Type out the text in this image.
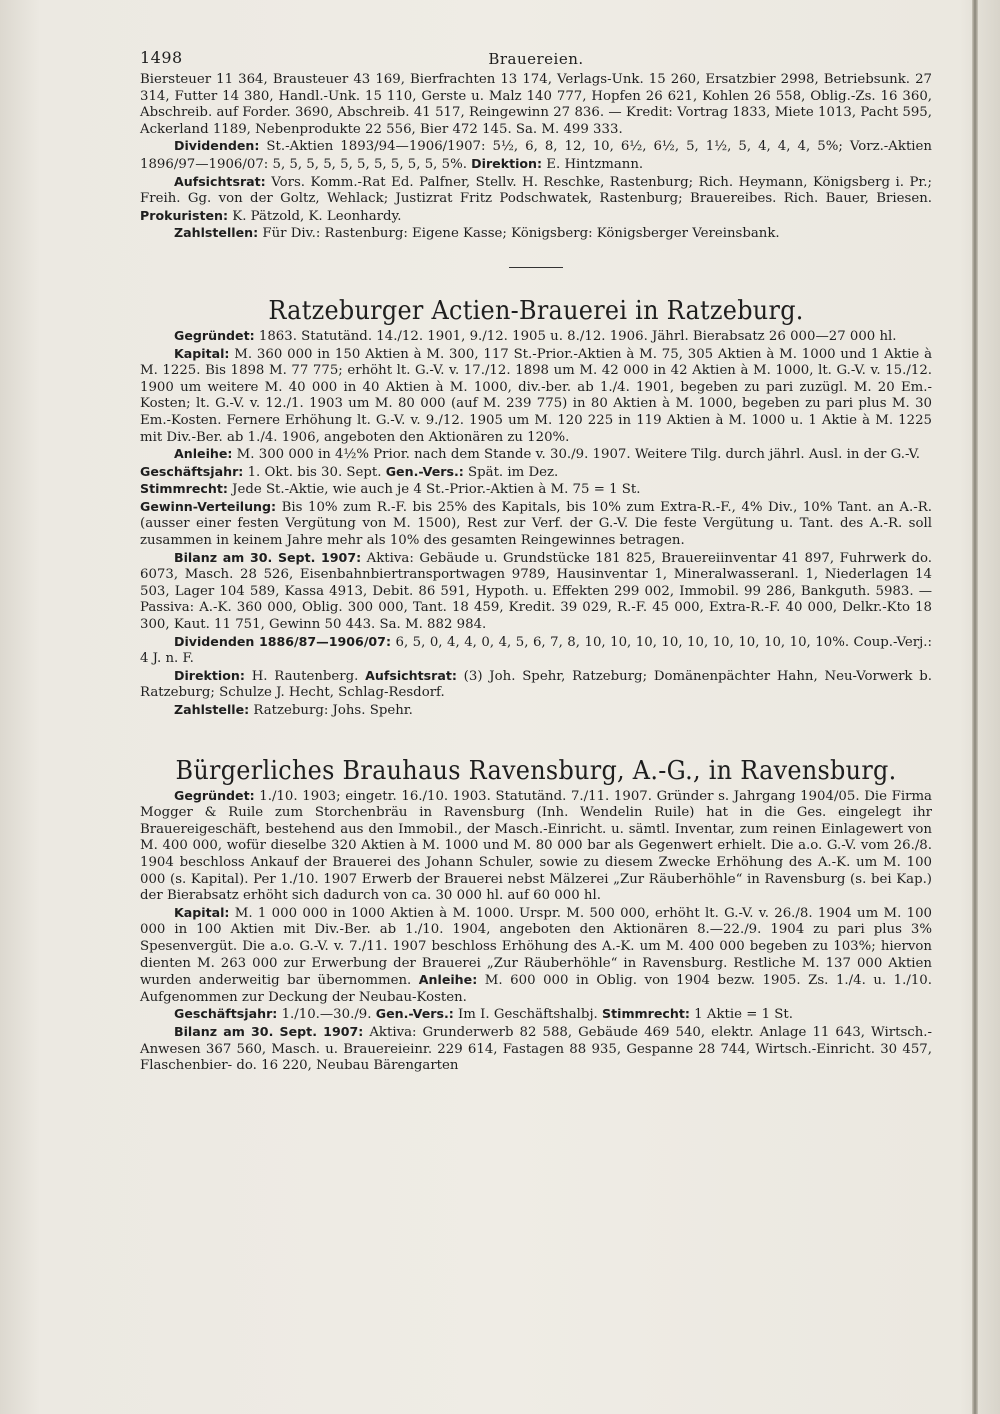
1498	Brauereien.

Biersteuer 11 364, Brausteuer 43 169, Bierfrachten 13 174, Verlags-Unk. 15 260, Ersatzbier 2998, Betriebsunk. 27 314, Futter 14 380, Handl.-Unk. 15 110, Gerste u. Malz 140 777, Hopfen 26 621, Kohlen 26 558, Oblig.-Zs. 16 360, Abschreib. auf Forder. 3690, Abschreib. 41 517, Reingewinn 27 836. — Kredit: Vortrag 1833, Miete 1013, Pacht 595, Ackerland 1189, Nebenprodukte 22 556, Bier 472 145. Sa. M. 499 333.

Dividenden: St.-Aktien 1893/94—1906/1907: 5½, 6, 8, 12, 10, 6½, 6½, 5, 1½, 5, 4, 4, 4, 5%; Vorz.-Aktien 1896/97—1906/07: 5, 5, 5, 5, 5, 5, 5, 5, 5, 5, 5%. Direktion: E. Hintzmann.

Aufsichtsrat: Vors. Komm.-Rat Ed. Palfner, Stellv. H. Reschke, Rastenburg; Rich. Heymann, Königsberg i. Pr.; Freih. Gg. von der Goltz, Wehlack; Justizrat Fritz Podschwatek, Rastenburg; Brauereibes. Rich. Bauer, Briesen. Prokuristen: K. Pätzold, K. Leonhardy.

Zahlstellen: Für Div.: Rastenburg: Eigene Kasse; Königsberg: Königsberger Vereinsbank.

Ratzeburger Actien-Brauerei in Ratzeburg.

Gegründet: 1863. Statutänd. 14./12. 1901, 9./12. 1905 u. 8./12. 1906. Jährl. Bierabsatz 26 000—27 000 hl.

Kapital: M. 360 000 in 150 Aktien à M. 300, 117 St.-Prior.-Aktien à M. 75, 305 Aktien à M. 1000 und 1 Aktie à M. 1225. Bis 1898 M. 77 775; erhöht lt. G.-V. v. 17./12. 1898 um M. 42 000 in 42 Aktien à M. 1000, lt. G.-V. v. 15./12. 1900 um weitere M. 40 000 in 40 Aktien à M. 1000, div.-ber. ab 1./4. 1901, begeben zu pari zuzügl. M. 20 Em.-Kosten; lt. G.-V. v. 12./1. 1903 um M. 80 000 (auf M. 239 775) in 80 Aktien à M. 1000, begeben zu pari plus M. 30 Em.-Kosten. Fernere Erhöhung lt. G.-V. v. 9./12. 1905 um M. 120 225 in 119 Aktien à M. 1000 u. 1 Aktie à M. 1225 mit Div.-Ber. ab 1./4. 1906, angeboten den Aktionären zu 120%.

Anleihe: M. 300 000 in 4½% Prior. nach dem Stande v. 30./9. 1907. Weitere Tilg. durch jährl. Ausl. in der G.-V.

Geschäftsjahr: 1. Okt. bis 30. Sept. Gen.-Vers.: Spät. im Dez.

Stimmrecht: Jede St.-Aktie, wie auch je 4 St.-Prior.-Aktien à M. 75 = 1 St.

Gewinn-Verteilung: Bis 10% zum R.-F. bis 25% des Kapitals, bis 10% zum Extra-R.-F., 4% Div., 10% Tant. an A.-R. (ausser einer festen Vergütung von M. 1500), Rest zur Verf. der G.-V. Die feste Vergütung u. Tant. des A.-R. soll zusammen in keinem Jahre mehr als 10% des gesamten Reingewinnes betragen.

Bilanz am 30. Sept. 1907: Aktiva: Gebäude u. Grundstücke 181 825, Brauereiinventar 41 897, Fuhrwerk do. 6073, Masch. 28 526, Eisenbahnbiertransportwagen 9789, Hausinventar 1, Mineralwasseranl. 1, Niederlagen 14 503, Lager 104 589, Kassa 4913, Debit. 86 591, Hypoth. u. Effekten 299 002, Immobil. 99 286, Bankguth. 5983. — Passiva: A.-K. 360 000, Oblig. 300 000, Tant. 18 459, Kredit. 39 029, R.-F. 45 000, Extra-R.-F. 40 000, Delkr.-Kto 18 300, Kaut. 11 751, Gewinn 50 443. Sa. M. 882 984.

Dividenden 1886/87—1906/07: 6, 5, 0, 4, 4, 0, 4, 5, 6, 7, 8, 10, 10, 10, 10, 10, 10, 10, 10, 10, 10%. Coup.-Verj.: 4 J. n. F.

Direktion: H. Rautenberg. Aufsichtsrat: (3) Joh. Spehr, Ratzeburg; Domänenpächter Hahn, Neu-Vorwerk b. Ratzeburg; Schulze J. Hecht, Schlag-Resdorf.

Zahlstelle: Ratzeburg: Johs. Spehr.

Bürgerliches Brauhaus Ravensburg, A.-G., in Ravensburg.

Gegründet: 1./10. 1903; eingetr. 16./10. 1903. Statutänd. 7./11. 1907. Gründer s. Jahrgang 1904/05. Die Firma Mogger & Ruile zum Storchenbräu in Ravensburg (Inh. Wendelin Ruile) hat in die Ges. eingelegt ihr Brauereigeschäft, bestehend aus den Immobil., der Masch.-Einricht. u. sämtl. Inventar, zum reinen Einlagewert von M. 400 000, wofür dieselbe 320 Aktien à M. 1000 und M. 80 000 bar als Gegenwert erhielt. Die a.o. G.-V. vom 26./8. 1904 beschloss Ankauf der Brauerei des Johann Schuler, sowie zu diesem Zwecke Erhöhung des A.-K. um M. 100 000 (s. Kapital). Per 1./10. 1907 Erwerb der Brauerei nebst Mälzerei „Zur Räuberhöhle“ in Ravensburg (s. bei Kap.) der Bierabsatz erhöht sich dadurch von ca. 30 000 hl. auf 60 000 hl.

Kapital: M. 1 000 000 in 1000 Aktien à M. 1000. Urspr. M. 500 000, erhöht lt. G.-V. v. 26./8. 1904 um M. 100 000 in 100 Aktien mit Div.-Ber. ab 1./10. 1904, angeboten den Aktionären 8.—22./9. 1904 zu pari plus 3% Spesenvergüt. Die a.o. G.-V. v. 7./11. 1907 beschloss Erhöhung des A.-K. um M. 400 000 begeben zu 103%; hiervon dienten M. 263 000 zur Erwerbung der Brauerei „Zur Räuberhöhle“ in Ravensburg. Restliche M. 137 000 Aktien wurden anderweitig bar übernommen. Anleihe: M. 600 000 in Oblig. von 1904 bezw. 1905. Zs. 1./4. u. 1./10. Aufgenommen zur Deckung der Neubau-Kosten.

Geschäftsjahr: 1./10.—30./9. Gen.-Vers.: Im I. Geschäftshalbj. Stimmrecht: 1 Aktie = 1 St.

Bilanz am 30. Sept. 1907: Aktiva: Grunderwerb 82 588, Gebäude 469 540, elektr. Anlage 11 643, Wirtsch.-Anwesen 367 560, Masch. u. Brauereieinr. 229 614, Fastagen 88 935, Gespanne 28 744, Wirtsch.-Einricht. 30 457, Flaschenbier- do. 16 220, Neubau Bärengarten
